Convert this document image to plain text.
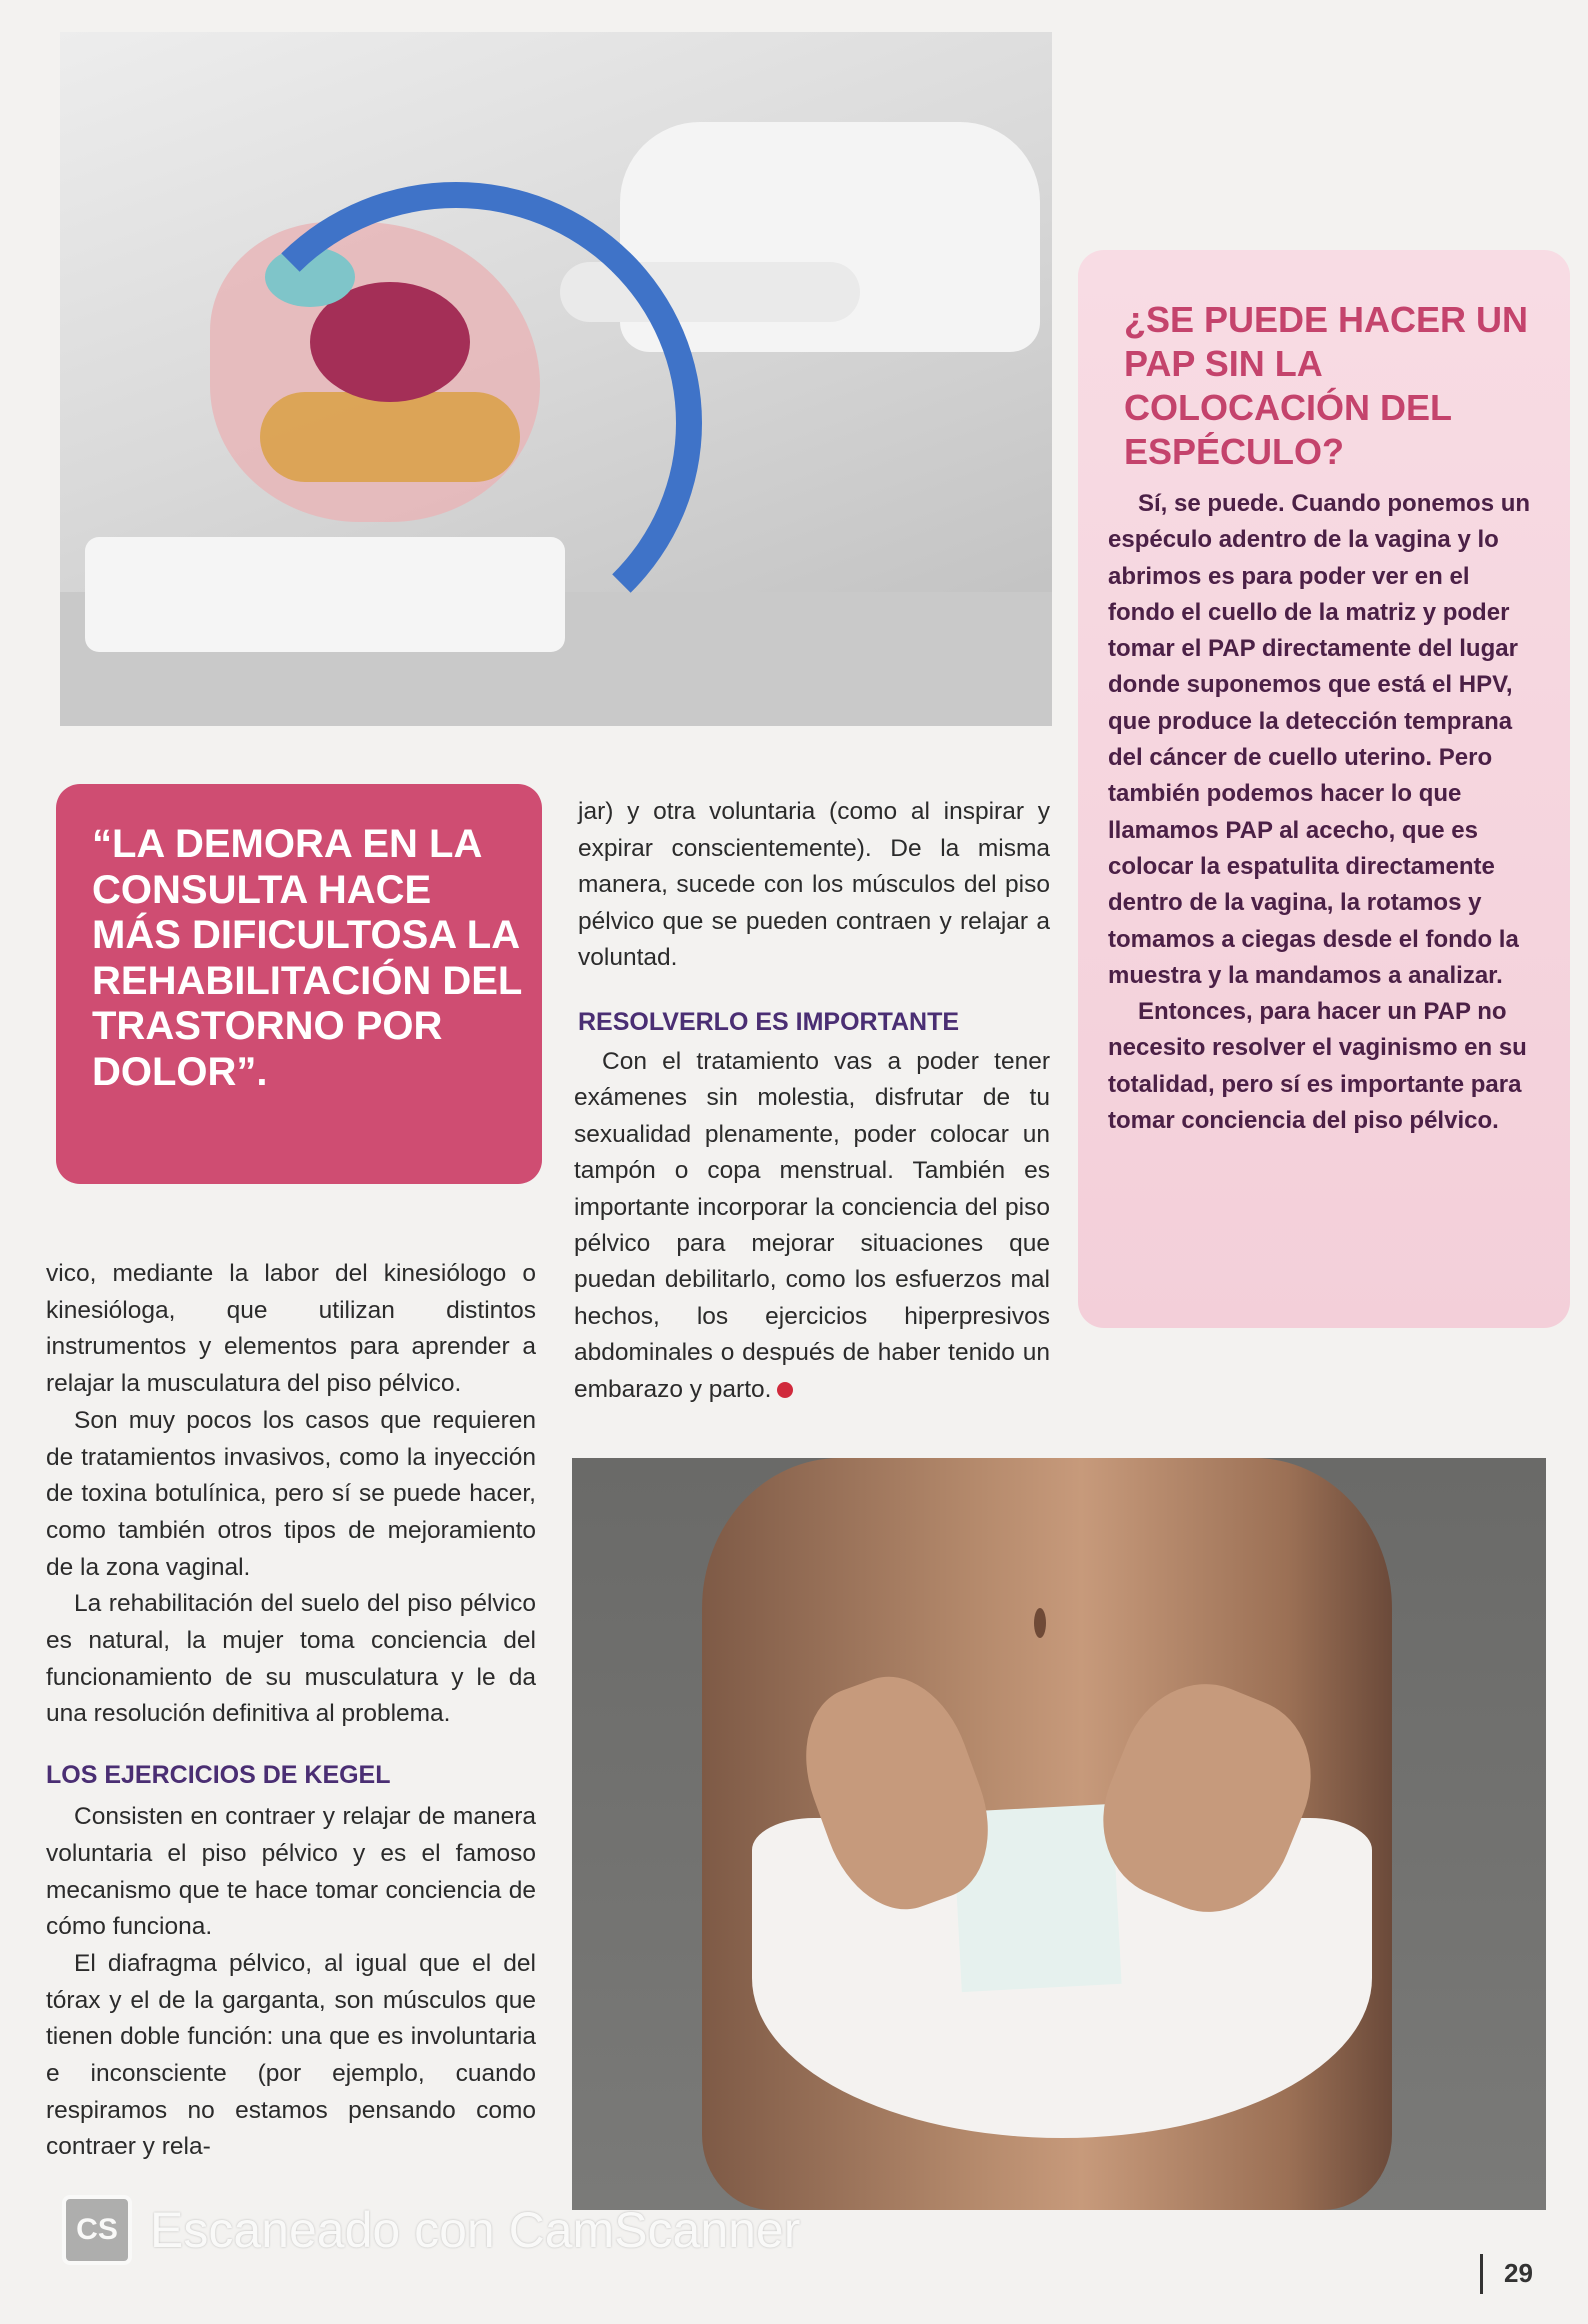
¿SE PUEDE HACER UN PAP SIN LA COLOCACIÓN DEL ESPÉCULO?

Sí, se puede. Cuando ponemos un espéculo adentro de la vagina y lo abrimos es para poder ver en el fondo el cuello de la matriz y poder tomar el PAP directamente del lugar donde suponemos que está el HPV, que produce la detección temprana del cáncer de cuello uterino. Pero también podemos hacer lo que llamamos PAP al acecho, que es colocar la espatulita directamente dentro de la vagina, la rotamos y tomamos a ciegas desde el fondo la muestra y la mandamos a analizar.

Entonces, para hacer un PAP no necesito resolver el vaginismo en su totalidad, pero sí es importante para tomar conciencia del piso pélvico.

“LA DEMORA EN LA CONSULTA HACE MÁS DIFICULTOSA LA REHABILITACIÓN DEL TRASTORNO POR DOLOR”.
jar) y otra voluntaria (como al inspirar y expirar conscientemente). De la misma manera, sucede con los músculos del piso pélvico que se pueden contraen y relajar a voluntad.
RESOLVERLO ES IMPORTANTE

Con el tratamiento vas a poder tener exámenes sin molestia, disfrutar de tu sexualidad plenamente, poder colocar un tampón o copa menstrual. También es importante incorporar la conciencia del piso pélvico para mejorar situaciones que puedan debilitarlo, como los esfuerzos mal hechos, los ejercicios hiperpresivos abdominales o después de haber tenido un embarazo y parto.

vico, mediante la labor del kinesiólogo o kinesióloga, que utilizan distintos instrumentos y elementos para aprender a relajar la musculatura del piso pélvico.

Son muy pocos los casos que requieren de tratamientos invasivos, como la inyección de toxina botulínica, pero sí se puede hacer, como también otros tipos de mejoramiento de la zona vaginal.

La rehabilitación del suelo del piso pélvico es natural, la mujer toma conciencia del funcionamiento de su musculatura y le da una resolución definitiva al problema.

LOS EJERCICIOS DE KEGEL

Consisten en contraer y relajar de manera voluntaria el piso pélvico y es el famoso mecanismo que te hace tomar conciencia de cómo funciona.

El diafragma pélvico, al igual que el del tórax y el de la garganta, son músculos que tienen doble función: una que es involuntaria e inconsciente (por ejemplo, cuando respiramos no estamos pensando como contraer y rela-

29
CS Escaneado con CamScanner
